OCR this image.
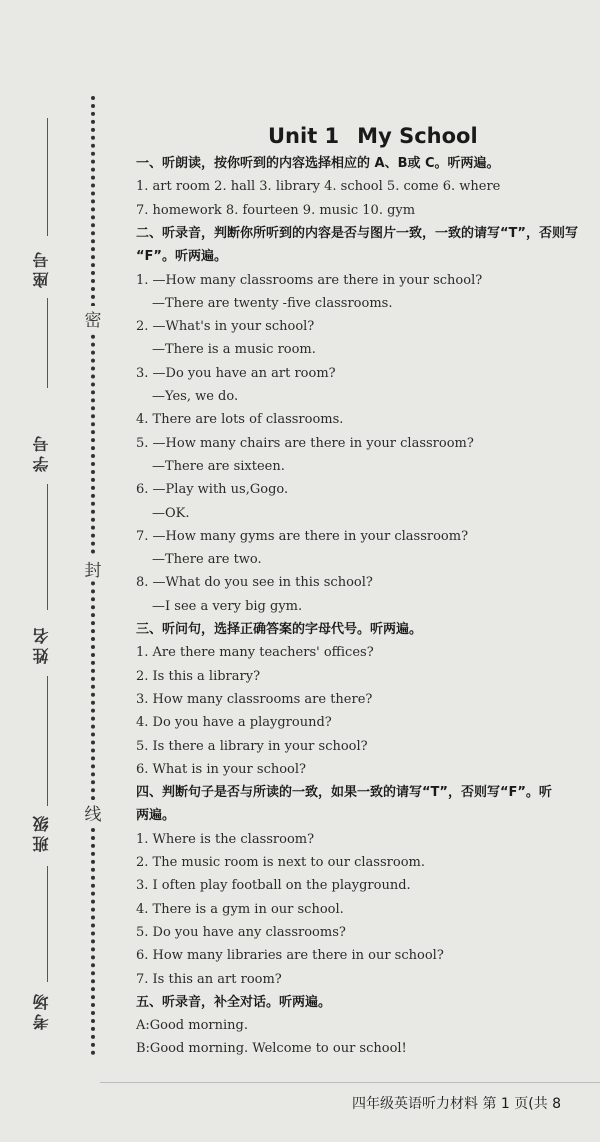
座号
学号
姓名
班级
考场
密
封
线
Unit 1 My School
一、听朗读，按你听到的内容选择相应的 A、B或 C。听两遍。
1. art room 2. hall 3. library 4. school 5. come 6. where
7. homework 8. fourteen 9. music 10. gym
二、听录音，判断你所听到的内容是否与图片一致，一致的请写“T”，否则写
“F”。听两遍。
1. —How many classrooms are there in your school?
—There are twenty -five classrooms.
2. —What's in your school?
—There is a music room.
3. —Do you have an art room?
—Yes, we do.
4. There are lots of classrooms.
5. —How many chairs are there in your classroom?
—There are sixteen.
6. —Play with us,Gogo.
—OK.
7. —How many gyms are there in your classroom?
—There are two.
8. —What do you see in this school?
—I see a very big gym.
三、听问句，选择正确答案的字母代号。听两遍。
1. Are there many teachers' offices?
2. Is this a library?
3. How many classrooms are there?
4. Do you have a playground?
5. Is there a library in your school?
6. What is in your school?
四、判断句子是否与所读的一致，如果一致的请写“T”，否则写“F”。听
两遍。
1. Where is the classroom?
2. The music room is next to our classroom.
3. I often play football on the playground.
4. There is a gym in our school.
5. Do you have any classrooms?
6. How many libraries are there in our school?
7. Is this an art room?
五、听录音，补全对话。听两遍。
A:Good morning.
B:Good morning. Welcome to our school!
四年级英语听力材料 第 1 页(共 8
